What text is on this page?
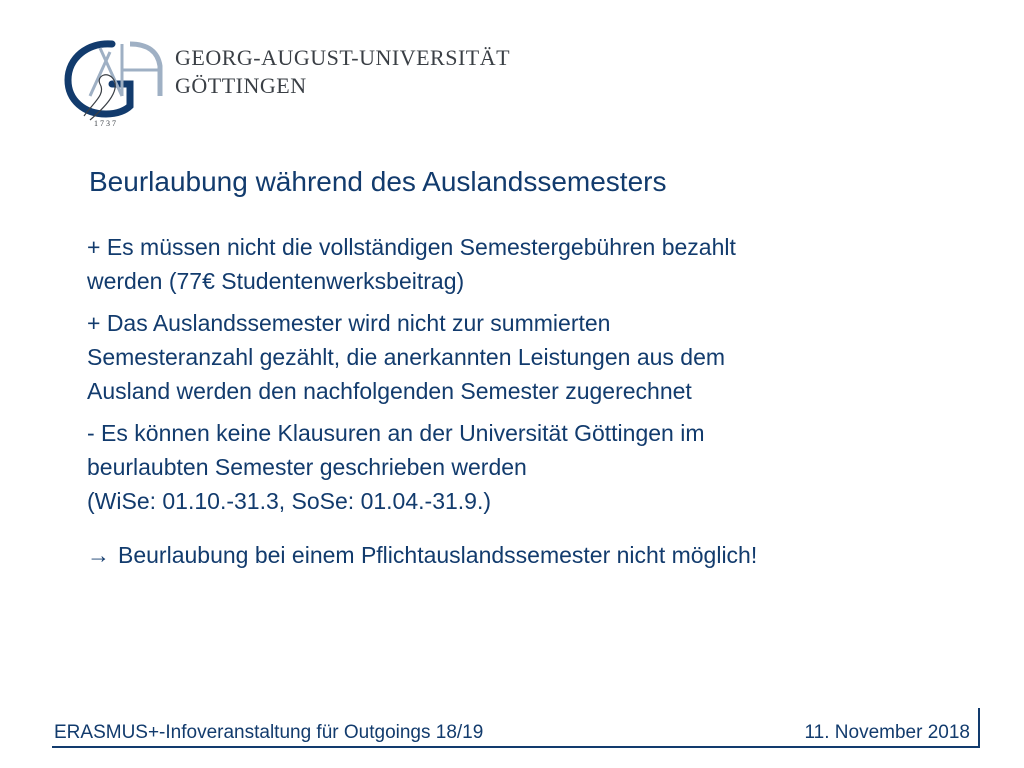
1 7 3 7
GEORG-AUGUST-UNIVERSITÄT
GÖTTINGEN
Beurlaubung während des Auslandssemesters
+ Es müssen nicht die vollständigen Semestergebühren bezahlt
werden (77€ Studentenwerksbeitrag)
+ Das Auslandssemester wird nicht zur summierten
Semesteranzahl gezählt, die anerkannten Leistungen aus dem
Ausland werden den nachfolgenden Semester zugerechnet
- Es können keine Klausuren an der Universität Göttingen im
beurlaubten Semester geschrieben werden
(WiSe: 01.10.-31.3, SoSe: 01.04.-31.9.)
→ Beurlaubung bei einem Pflichtauslandssemester nicht möglich!
ERASMUS+-Infoveranstaltung für Outgoings 18/19	11. November 2018
